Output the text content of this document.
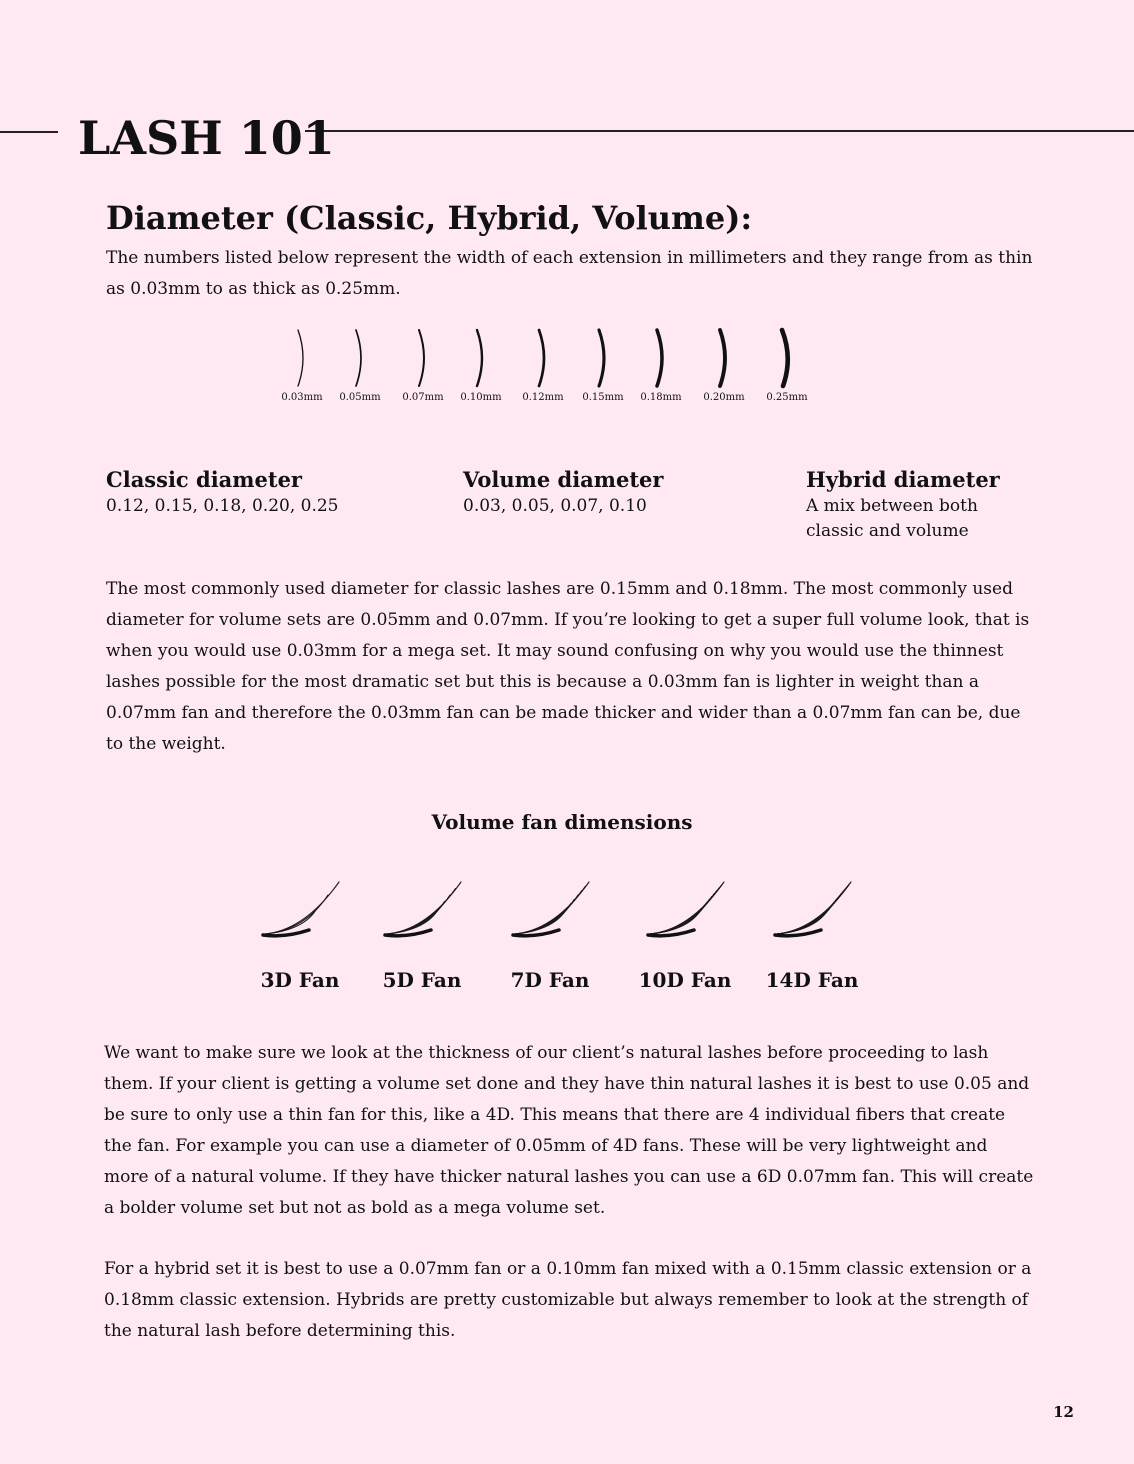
LASH 101
Diameter (Classic, Hybrid, Volume):
The numbers listed below represent the width of each extension in millimeters and they range from as thin as 0.03mm to as thick as 0.25mm.
0.03mm	0.05mm	0.07mm	0.10mm	0.12mm	0.15mm	0.18mm	0.20mm	0.25mm
Classic diameter
0.12, 0.15, 0.18, 0.20, 0.25
Volume diameter
0.03, 0.05, 0.07, 0.10
Hybrid diameter
A mix between both classic and volume
The most commonly used diameter for classic lashes are 0.15mm and 0.18mm. The most commonly used diameter for volume sets are 0.05mm and 0.07mm. If you’re looking to get a super full volume look, that is when you would use 0.03mm for a mega set. It may sound confusing on why you would use the thinnest lashes possible for the most dramatic set but this is because a 0.03mm fan is lighter in weight than a 0.07mm fan and therefore the 0.03mm fan can be made thicker and wider than a 0.07mm fan can be, due to the weight.
Volume fan dimensions
3D Fan	5D Fan	7D Fan	10D Fan 14D Fan
We want to make sure we look at the thickness of our client’s natural lashes before proceeding to lash them. If your client is getting a volume set done and they have thin natural lashes it is best to use 0.05 and be sure to only use a thin fan for this, like a 4D. This means that there are 4 individual fibers that create the fan. For example you can use a diameter of 0.05mm of 4D fans. These will be very lightweight and more of a natural volume. If they have thicker natural lashes you can use a 6D 0.07mm fan. This will create a bolder volume set but not as bold as a mega volume set.
For a hybrid set it is best to use a 0.07mm fan or a 0.10mm fan mixed with a 0.15mm classic extension or a 0.18mm classic extension. Hybrids are pretty customizable but always remember to look at the strength of the natural lash before determining this.
12
